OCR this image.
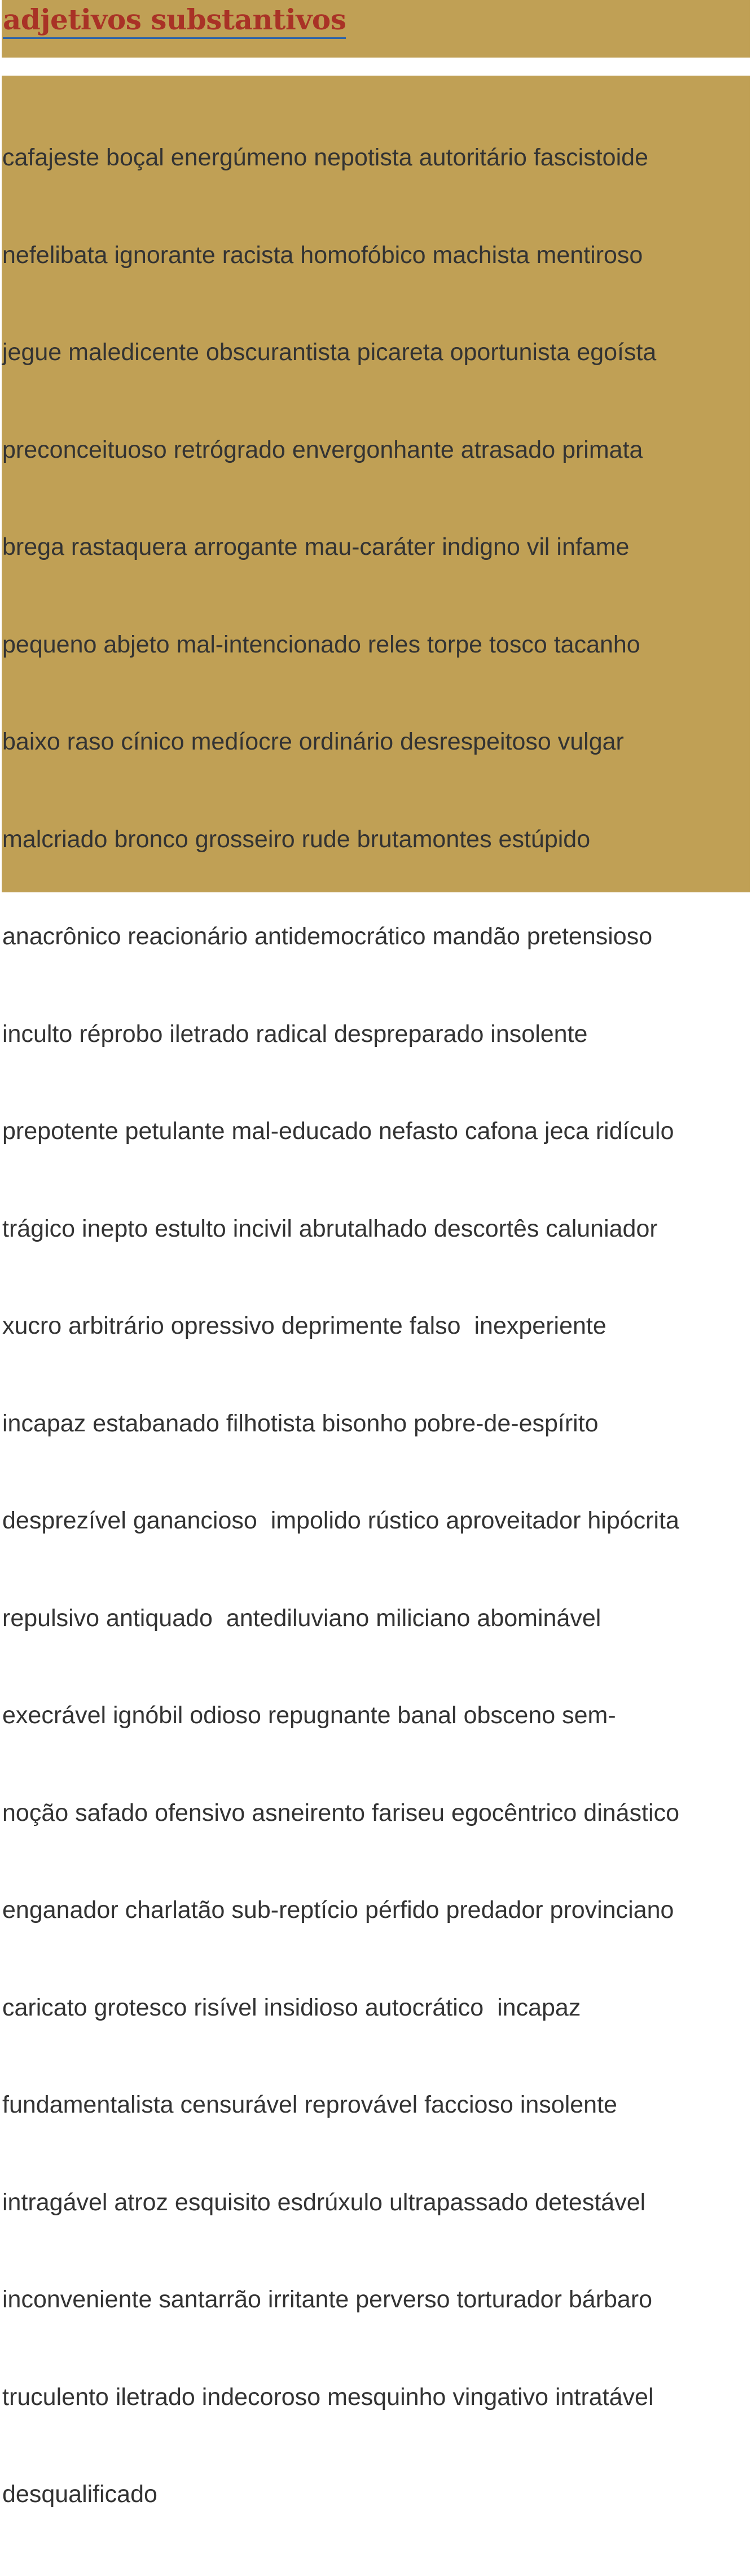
adjetivos substantivos

cafajeste boçal energúmeno nepotista autoritário fascistoide

nefelibata ignorante racista homofóbico machista mentiroso

jegue maledicente obscurantista picareta oportunista egoísta

preconceituoso retrógrado envergonhante atrasado primata

brega rastaquera arrogante mau-caráter indigno vil infame

pequeno abjeto mal-intencionado reles torpe tosco tacanho

baixo raso cínico medíocre ordinário desrespeitoso vulgar

malcriado bronco grosseiro rude brutamontes estúpido

anacrônico reacionário antidemocrático mandão pretensioso

inculto réprobo iletrado radical despreparado insolente

prepotente petulante mal-educado nefasto cafona jeca ridículo

trágico inepto estulto incivil abrutalhado descortês caluniador

xucro arbitrário opressivo deprimente falso  inexperiente

incapaz estabanado filhotista bisonho pobre-de-espírito

desprezível ganancioso  impolido rústico aproveitador hipócrita

repulsivo antiquado  antediluviano miliciano abominável

execrável ignóbil odioso repugnante banal obsceno sem-

noção safado ofensivo asneirento fariseu egocêntrico dinástico

enganador charlatão sub-reptício pérfido predador provinciano

caricato grotesco risível insidioso autocrático  incapaz

fundamentalista censurável reprovável faccioso insolente

intragável atroz esquisito esdrúxulo ultrapassado detestável

inconveniente santarrão irritante perverso torturador bárbaro

truculento iletrado indecoroso mesquinho vingativo intratável

desqualificado
